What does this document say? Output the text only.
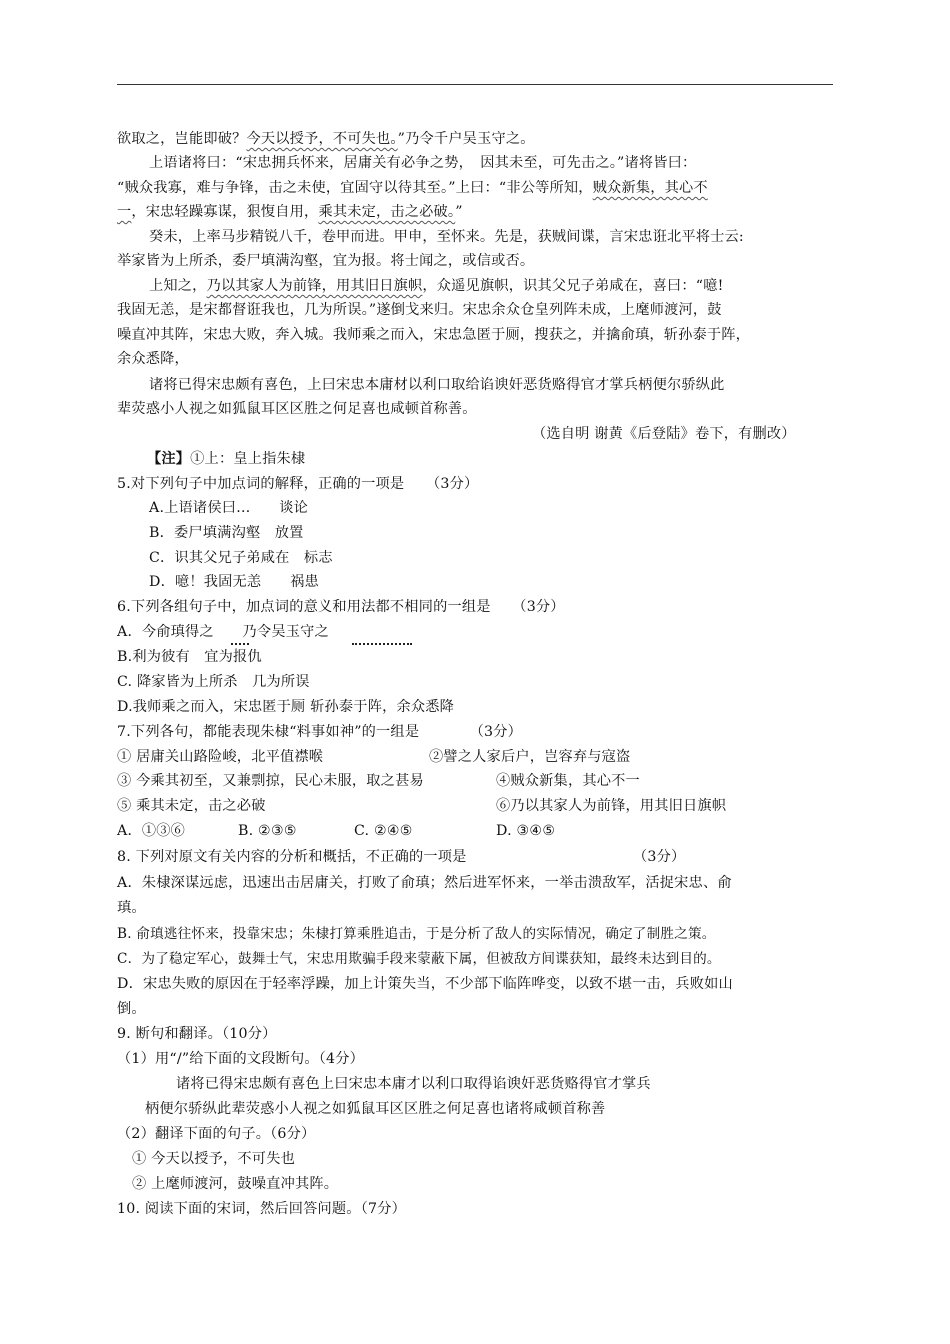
欲取之，岂能即破？今天以授予，不可失也。”乃令千户吴玉守之。
上语诸将曰：“宋忠拥兵怀来，居庸关有必争之势，　因其未至，可先击之。”诸将皆曰：
“贼众我寡，难与争锋，击之未使，宜固守以待其至。”上曰：“非公等所知，贼众新集，其心不
一，宋忠轻躁寡谋，狠愎自用，乘其未定，击之必破。”
癸未，上率马步精锐八千，卷甲而进。甲申，至怀来。先是，获贼间谍，言宋忠诳北平将士云:
举家皆为上所杀，委尸填满沟壑，宜为报。将士闻之，或信或否。
上知之，乃以其家人为前锋，用其旧日旗帜，众遥见旗帜，识其父兄子弟咸在，喜曰：“噫!
我固无恙，是宋都督诳我也，几为所误。”遂倒戈来归。宋忠余众仓皇列阵未成，上麾师渡河，鼓
噪直冲其阵，宋忠大败，奔入城。我师乘之而入，宋忠急匿于厕，搜获之，并擒俞瑱，斩孙泰于阵，
余众悉降，
诸将已得宋忠颇有喜色，上曰宋忠本庸材以利口取给谄谀奸恶货赂得官才掌兵柄便尔骄纵此
辈荧惑小人视之如狐鼠耳区区胜之何足喜也咸顿首称善。
（选自明 谢黄《后登陆》卷下，有删改）
【注】①上：皇上指朱棣
5.对下列句子中加点词的解释，正确的一项是　　（3分）
A.上语诸侯曰…　　谈论
B．委尸填满沟壑　放置
C．识其父兄子弟咸在　标志
D．噫！我固无恙　　祸患
6.下列各组句子中，加点词的意义和用法都不相同的一组是　　（3分）
A．今俞瑱得之　　乃令吴玉守之
B.利为彼有　宜为报仇
C. 降家皆为上所杀　几为所误
D.我师乘之而入，宋忠匿于厕 斩孙泰于阵，余众悉降
7.下列各句，都能表现朱棣“料事如神”的一组是　　　　（3分）
① 居庸关山路险峻，北平值襟喉	②譬之人家后户，岂容弃与寇盗
③ 今乘其初至，又兼剽掠，民心未服，取之甚易	④贼众新集，其心不一
⑤ 乘其未定，击之必破	⑥乃以其家人为前锋，用其旧日旗帜
A．①③⑥	B. ②③⑤	C. ②④⑤	D. ③④⑤
8. 下列对原文有关内容的分析和概括，不正确的一项是	（3分）
A．朱棣深谋远虑，迅速出击居庸关，打败了俞瑱；然后进军怀来，一举击溃敌军，活捉宋忠、俞
瑱。
B. 俞瑱逃往怀来，投靠宋忠；朱棣打算乘胜追击，于是分析了敌人的实际情况，确定了制胜之策。
C．为了稳定军心，鼓舞士气，宋忠用欺骗手段来蒙蔽下属，但被敌方间谍获知，最终未达到目的。
D．宋忠失败的原因在于轻率浮躁，加上计策失当，不少部下临阵哗变，以致不堪一击，兵败如山
倒。
9. 断句和翻译。（10分）
（1）用“/”给下面的文段断句。（4分）
诸将已得宋忠颇有喜色上曰宋忠本庸才以利口取得谄谀奸恶货赂得官才掌兵
柄便尔骄纵此辈荧惑小人视之如狐鼠耳区区胜之何足喜也诸将咸顿首称善
（2）翻译下面的句子。（6分）
① 今天以授予，不可失也
② 上麾师渡河，鼓噪直冲其阵。
10. 阅读下面的宋词，然后回答问题。（7分）
